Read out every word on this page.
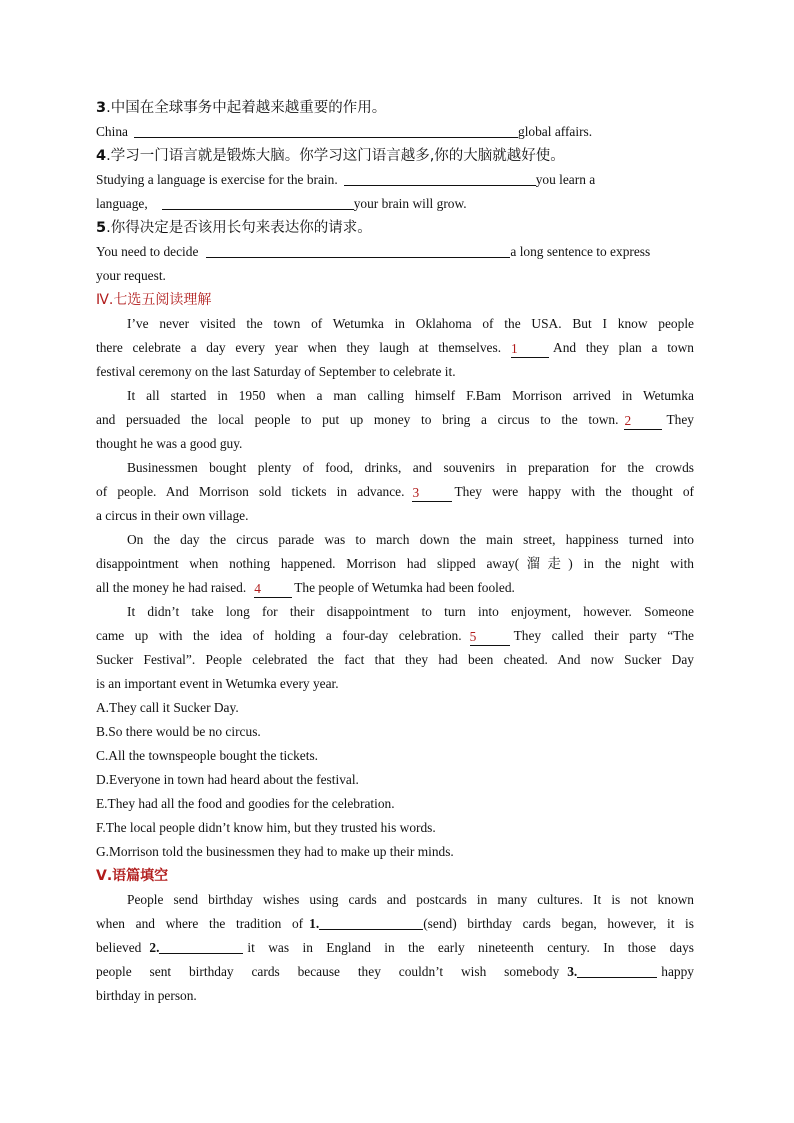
3.中国在全球事务中起着越来越重要的作用。
China	global affairs.
4.学习一门语言就是锻炼大脑。你学习这门语言越多,你的大脑就越好使。
Studying a language is exercise for the brain.	you learn a
language,	your brain will grow.
5.你得决定是否该用长句来表达你的请求。
You need to decide	a long sentence to express
your request.
Ⅳ.七选五阅读理解
I’ve never visited the town of Wetumka in Oklahoma of the USA. But I know people
there celebrate a day every year when they laugh at themselves. 1	And they plan a town
festival ceremony on the last Saturday of September to celebrate it.
It all started in 1950 when a man calling himself F.Bam Morrison arrived in Wetumka
and persuaded the local people to put up money to bring a circus to the town. 2	They
thought he was a good guy.
Businessmen bought plenty of food, drinks, and souvenirs in preparation for the crowds
of people. And Morrison sold tickets in advance. 3	They were happy with the thought of
a circus in their own village.
On the day the circus parade was to march down the main street, happiness turned into
disappointment when nothing happened. Morrison had slipped away(溜走) in the night with
all the money he had raised. 4 The people of Wetumka had been fooled.
It didn’t take long for their disappointment to turn into enjoyment, however. Someone
came up with the idea of holding a four-day celebration. 5	They called their party “The
Sucker Festival”. People celebrated the fact that they had been cheated. And now Sucker Day
is an important event in Wetumka every year.
A.They call it Sucker Day.
B.So there would be no circus.
C.All the townspeople bought the tickets.
D.Everyone in town had heard about the festival.
E.They had all the food and goodies for the celebration.
F.The local people didn’t know him, but they trusted his words.
G.Morrison told the businessmen they had to make up their minds.
Ⅴ.语篇填空
People send birthday wishes using cards and postcards in many cultures. It is not known
when and where the tradition of 1.	(send) birthday cards began, however, it is
believed 2.	it was in England in the early nineteenth century. In those days
people sent birthday cards because they couldn’t wish somebody 3.	happy
birthday in person.
